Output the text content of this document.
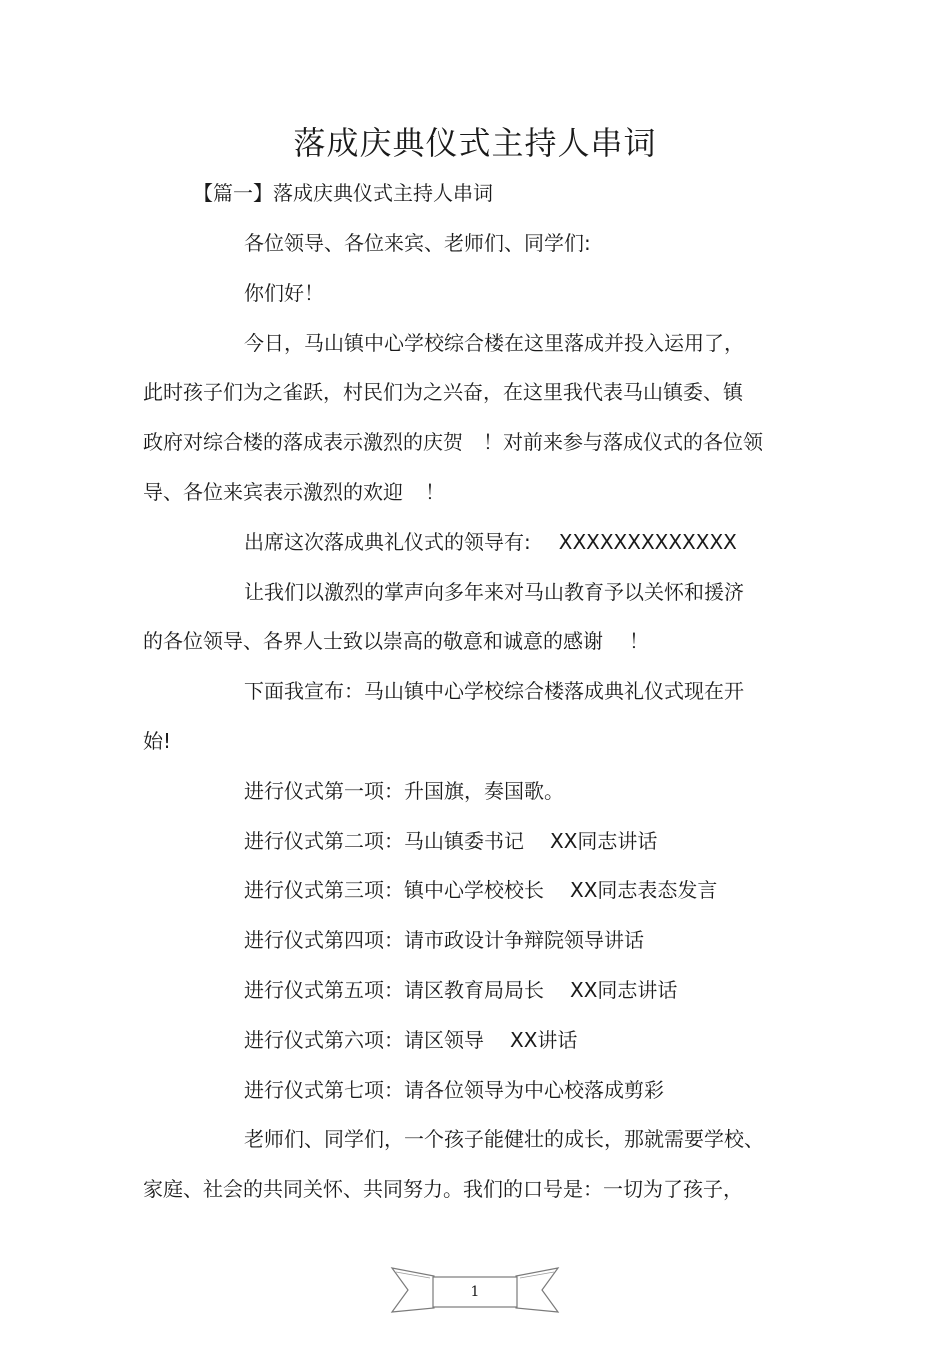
落成庆典仪式主持人串词
【篇一】落成庆典仪式主持人串词
各位领导、各位来宾、老师们、同学们:
你们好！
今日，马山镇中心学校综合楼在这里落成并投入运用了，
此时孩子们为之雀跃，村民们为之兴奋，在这里我代表马山镇委、镇
政府对综合楼的落成表示激烈的庆贺 ！对前来参与落成仪式的各位领
导、各位来宾表示激烈的欢迎 ！
出席这次落成典礼仪式的领导有: XXXXXXXXXXXXX
让我们以激烈的掌声向多年来对马山教育予以关怀和援济
的各位领导、各界人士致以崇高的敬意和诚意的感谢 ！
下面我宣布：马山镇中心学校综合楼落成典礼仪式现在开
始!
进行仪式第一项：升国旗，奏国歌。
进行仪式第二项：马山镇委书记 XX同志讲话
进行仪式第三项：镇中心学校校长 XX同志表态发言
进行仪式第四项：请市政设计争辩院领导讲话
进行仪式第五项：请区教育局局长 XX同志讲话
进行仪式第六项：请区领导 XX讲话
进行仪式第七项：请各位领导为中心校落成剪彩
老师们、同学们，一个孩子能健壮的成长，那就需要学校、
家庭、社会的共同关怀、共同努力。我们的口号是：一切为了孩子，
1
